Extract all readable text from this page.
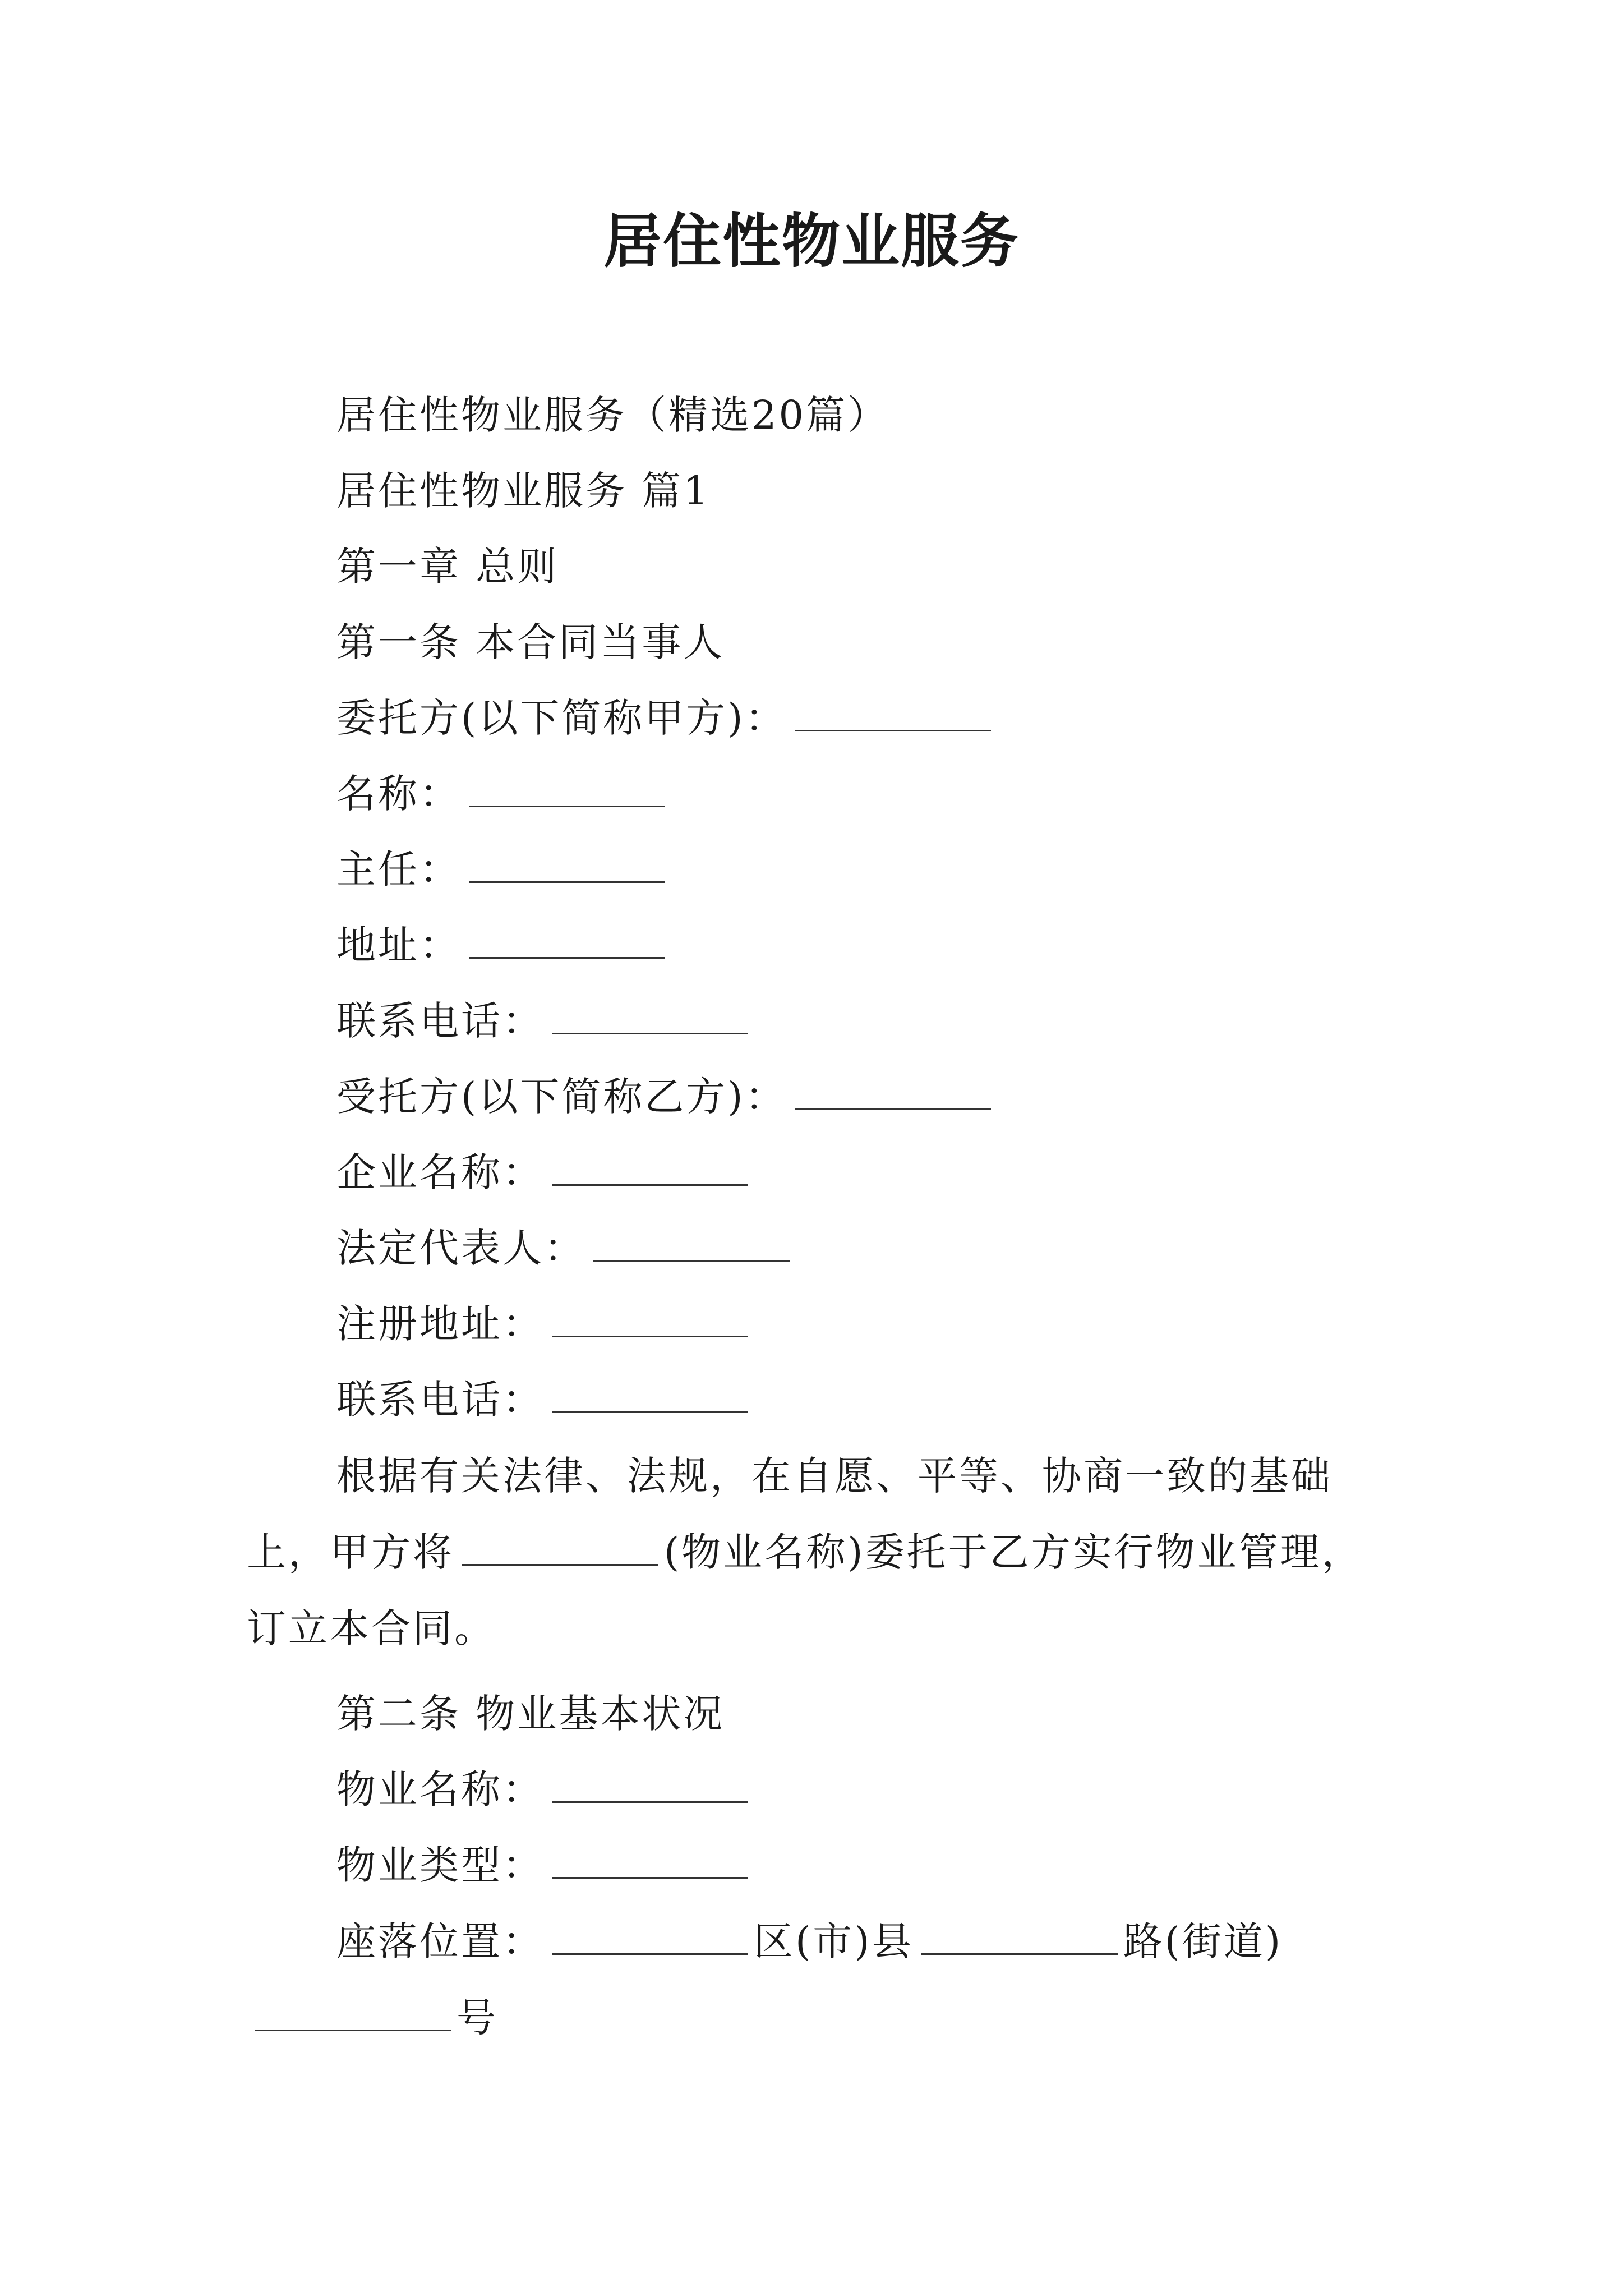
居住性物业服务
居住性物业服务（精选20篇）
居住性物业服务 篇1
第一章 总则
第一条 本合同当事人
委托方(以下简称甲方)：
名称：
主任：
地址：
联系电话：
受托方(以下简称乙方)：
企业名称：
法定代表人：
注册地址：
联系电话：

根据有关法律、法规，在自愿、平等、协商一致的基础上，甲方将	(物业名称)委托于乙方实行物业管理，订立本合同。

第二条 物业基本状况
物业名称：
物业类型：

座落位置：	区(市)县	路(街道)号
